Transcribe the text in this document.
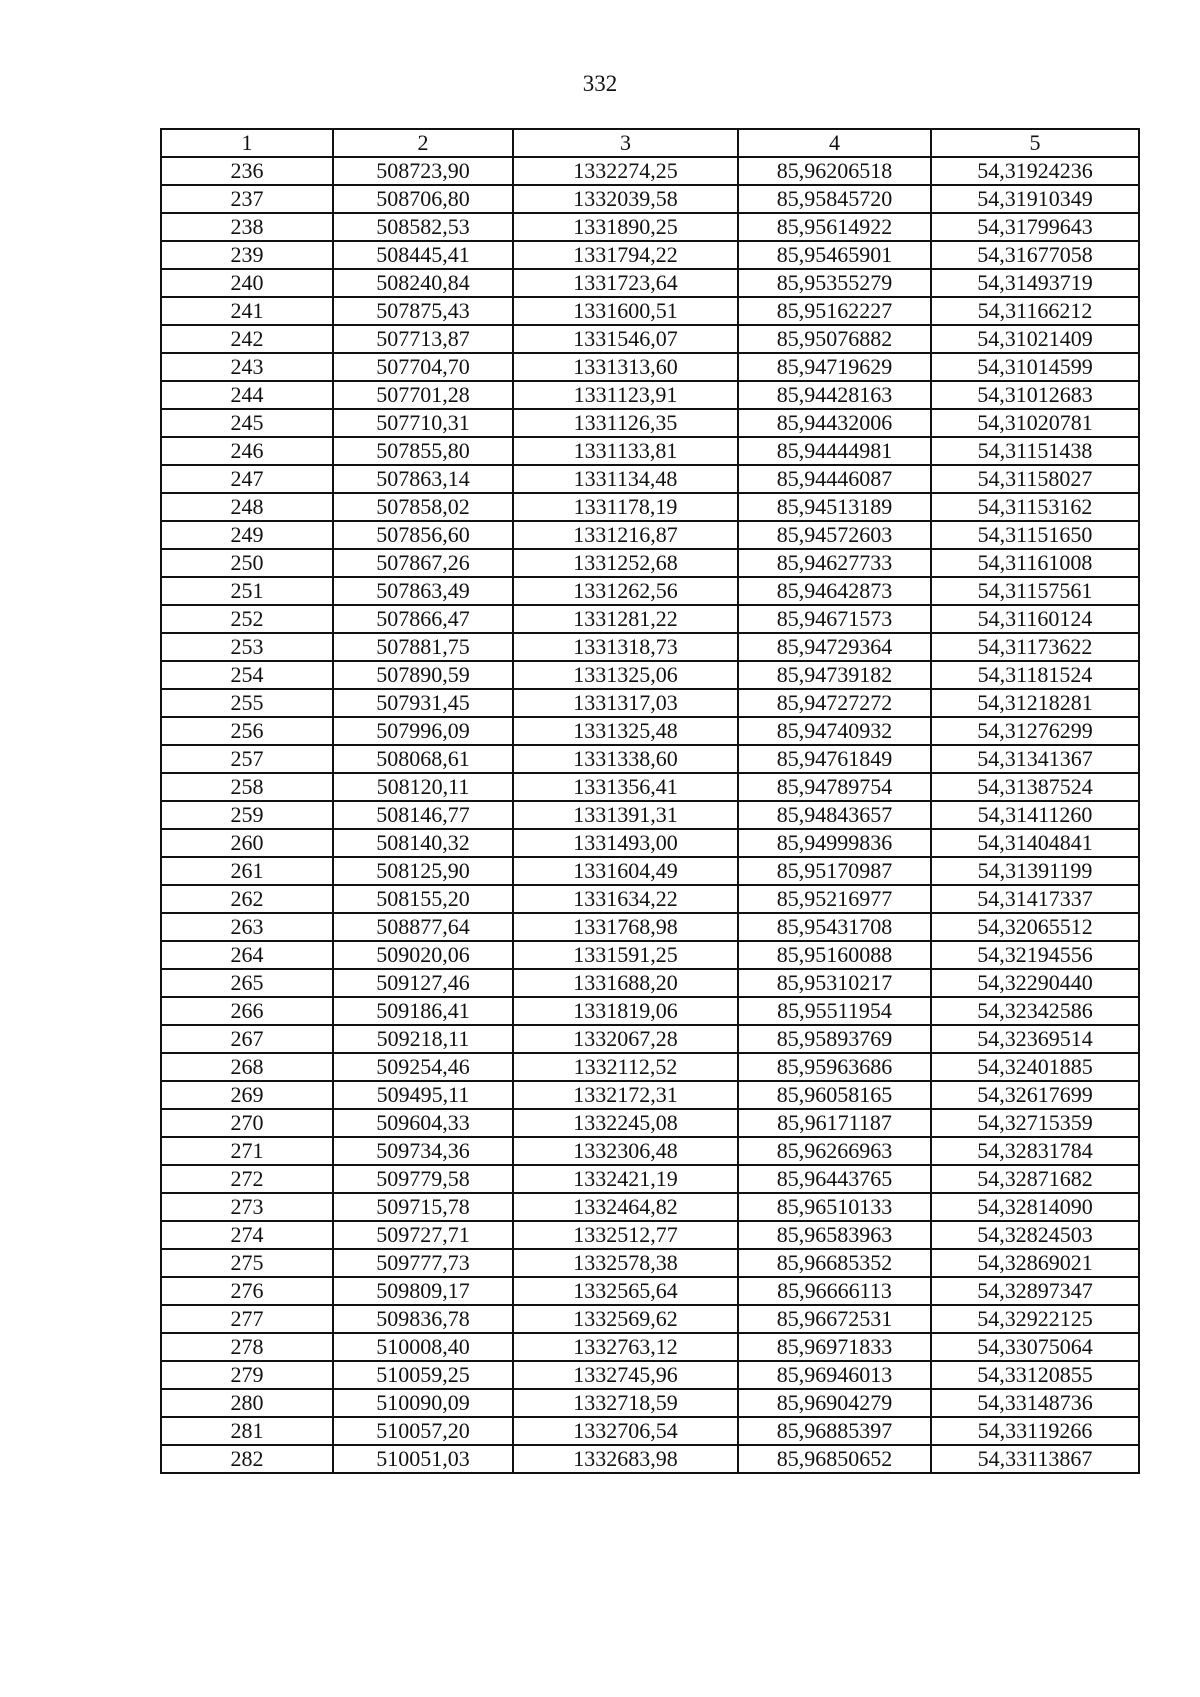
332
1	2	3	4	5
236	508723,90	1332274,25	85,96206518	54,31924236
237	508706,80	1332039,58	85,95845720	54,31910349
238	508582,53	1331890,25	85,95614922	54,31799643
239	508445,41	1331794,22	85,95465901	54,31677058
240	508240,84	1331723,64	85,95355279	54,31493719
241	507875,43	1331600,51	85,95162227	54,31166212
242	507713,87	1331546,07	85,95076882	54,31021409
243	507704,70	1331313,60	85,94719629	54,31014599
244	507701,28	1331123,91	85,94428163	54,31012683
245	507710,31	1331126,35	85,94432006	54,31020781
246	507855,80	1331133,81	85,94444981	54,31151438
247	507863,14	1331134,48	85,94446087	54,31158027
248	507858,02	1331178,19	85,94513189	54,31153162
249	507856,60	1331216,87	85,94572603	54,31151650
250	507867,26	1331252,68	85,94627733	54,31161008
251	507863,49	1331262,56	85,94642873	54,31157561
252	507866,47	1331281,22	85,94671573	54,31160124
253	507881,75	1331318,73	85,94729364	54,31173622
254	507890,59	1331325,06	85,94739182	54,31181524
255	507931,45	1331317,03	85,94727272	54,31218281
256	507996,09	1331325,48	85,94740932	54,31276299
257	508068,61	1331338,60	85,94761849	54,31341367
258	508120,11	1331356,41	85,94789754	54,31387524
259	508146,77	1331391,31	85,94843657	54,31411260
260	508140,32	1331493,00	85,94999836	54,31404841
261	508125,90	1331604,49	85,95170987	54,31391199
262	508155,20	1331634,22	85,95216977	54,31417337
263	508877,64	1331768,98	85,95431708	54,32065512
264	509020,06	1331591,25	85,95160088	54,32194556
265	509127,46	1331688,20	85,95310217	54,32290440
266	509186,41	1331819,06	85,95511954	54,32342586
267	509218,11	1332067,28	85,95893769	54,32369514
268	509254,46	1332112,52	85,95963686	54,32401885
269	509495,11	1332172,31	85,96058165	54,32617699
270	509604,33	1332245,08	85,96171187	54,32715359
271	509734,36	1332306,48	85,96266963	54,32831784
272	509779,58	1332421,19	85,96443765	54,32871682
273	509715,78	1332464,82	85,96510133	54,32814090
274	509727,71	1332512,77	85,96583963	54,32824503
275	509777,73	1332578,38	85,96685352	54,32869021
276	509809,17	1332565,64	85,96666113	54,32897347
277	509836,78	1332569,62	85,96672531	54,32922125
278	510008,40	1332763,12	85,96971833	54,33075064
279	510059,25	1332745,96	85,96946013	54,33120855
280	510090,09	1332718,59	85,96904279	54,33148736
281	510057,20	1332706,54	85,96885397	54,33119266
282	510051,03	1332683,98	85,96850652	54,33113867
